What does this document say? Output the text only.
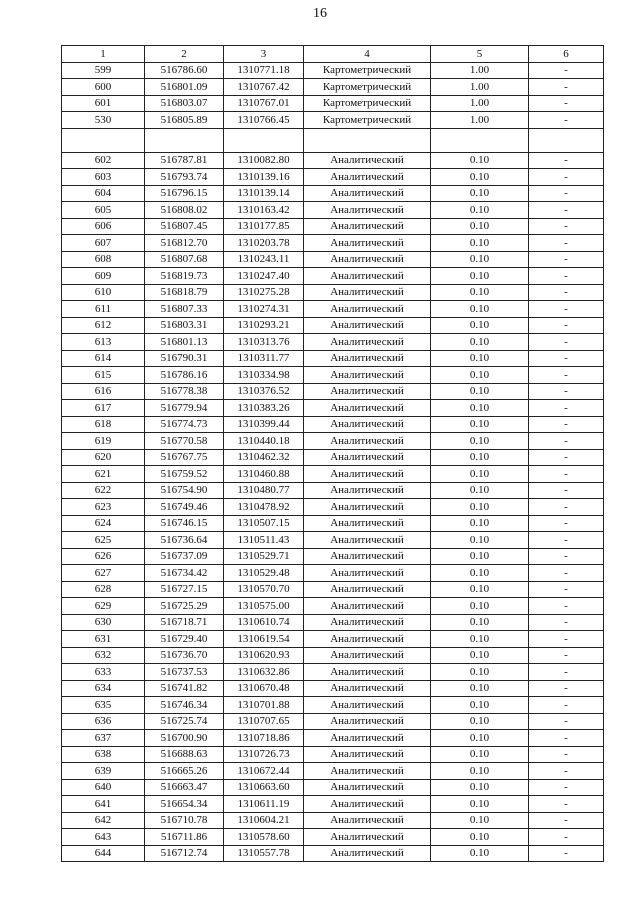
16
1	2	3	4	5	6
599	516786.60	1310771.18	Картометрический	1.00	-
600	516801.09	1310767.42	Картометрический	1.00	-
601	516803.07	1310767.01	Картометрический	1.00	-
530	516805.89	1310766.45	Картометрический	1.00	-

602	516787.81	1310082.80	Аналитический	0.10	-
603	516793.74	1310139.16	Аналитический	0.10	-
604	516796.15	1310139.14	Аналитический	0.10	-
605	516808.02	1310163.42	Аналитический	0.10	-
606	516807.45	1310177.85	Аналитический	0.10	-
607	516812.70	1310203.78	Аналитический	0.10	-
608	516807.68	1310243.11	Аналитический	0.10	-
609	516819.73	1310247.40	Аналитический	0.10	-
610	516818.79	1310275.28	Аналитический	0.10	-
611	516807.33	1310274.31	Аналитический	0.10	-
612	516803.31	1310293.21	Аналитический	0.10	-
613	516801.13	1310313.76	Аналитический	0.10	-
614	516790.31	1310311.77	Аналитический	0.10	-
615	516786.16	1310334.98	Аналитический	0.10	-
616	516778.38	1310376.52	Аналитический	0.10	-
617	516779.94	1310383.26	Аналитический	0.10	-
618	516774.73	1310399.44	Аналитический	0.10	-
619	516770.58	1310440.18	Аналитический	0.10	-
620	516767.75	1310462.32	Аналитический	0.10	-
621	516759.52	1310460.88	Аналитический	0.10	-
622	516754.90	1310480.77	Аналитический	0.10	-
623	516749.46	1310478.92	Аналитический	0.10	-
624	516746.15	1310507.15	Аналитический	0.10	-
625	516736.64	1310511.43	Аналитический	0.10	-
626	516737.09	1310529.71	Аналитический	0.10	-
627	516734.42	1310529.48	Аналитический	0.10	-
628	516727.15	1310570.70	Аналитический	0.10	-
629	516725.29	1310575.00	Аналитический	0.10	-
630	516718.71	1310610.74	Аналитический	0.10	-
631	516729.40	1310619.54	Аналитический	0.10	-
632	516736.70	1310620.93	Аналитический	0.10	-
633	516737.53	1310632.86	Аналитический	0.10	-
634	516741.82	1310670.48	Аналитический	0.10	-
635	516746.34	1310701.88	Аналитический	0.10	-
636	516725.74	1310707.65	Аналитический	0.10	-
637	516700.90	1310718.86	Аналитический	0.10	-
638	516688.63	1310726.73	Аналитический	0.10	-
639	516665.26	1310672.44	Аналитический	0.10	-
640	516663.47	1310663.60	Аналитический	0.10	-
641	516654.34	1310611.19	Аналитический	0.10	-
642	516710.78	1310604.21	Аналитический	0.10	-
643	516711.86	1310578.60	Аналитический	0.10	-
644	516712.74	1310557.78	Аналитический	0.10	-
